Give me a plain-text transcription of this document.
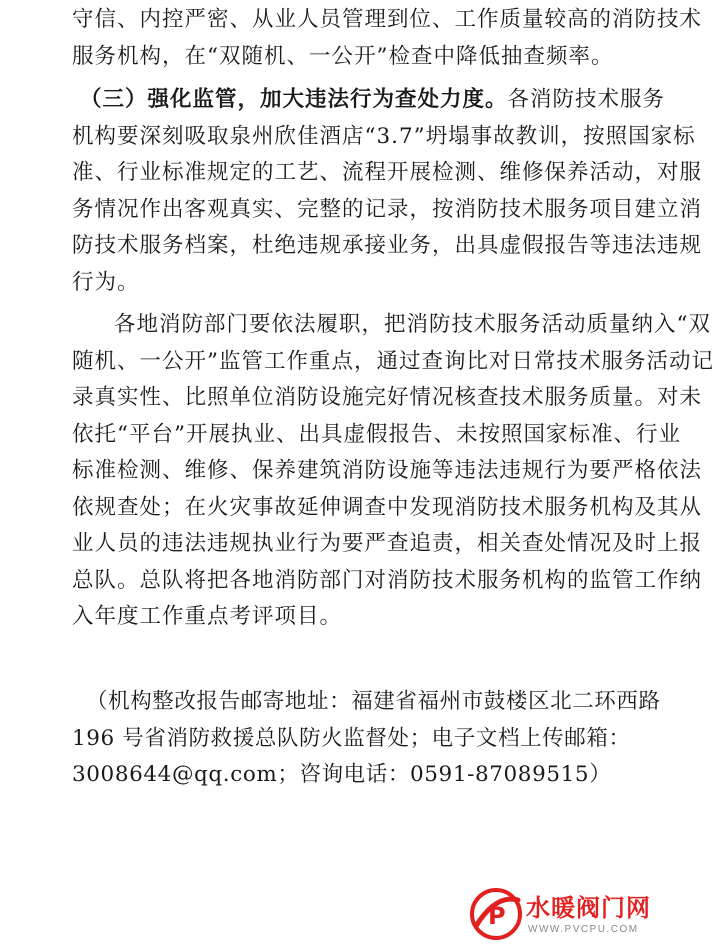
守信、内控严密、从业人员管理到位、工作质量较高的消防技术
服务机构，在“双随机、一公开”检查中降低抽查频率。
（三）强化监管，加大违法行为查处力度。各消防技术服务
机构要深刻吸取泉州欣佳酒店“3.7”坍塌事故教训，按照国家标
准、行业标准规定的工艺、流程开展检测、维修保养活动，对服
务情况作出客观真实、完整的记录，按消防技术服务项目建立消
防技术服务档案，杜绝违规承接业务，出具虚假报告等违法违规
行为。
各地消防部门要依法履职，把消防技术服务活动质量纳入“双
随机、一公开”监管工作重点，通过查询比对日常技术服务活动记
录真实性、比照单位消防设施完好情况核查技术服务质量。对未
依托“平台”开展执业、出具虚假报告、未按照国家标准、行业
标准检测、维修、保养建筑消防设施等违法违规行为要严格依法
依规查处；在火灾事故延伸调查中发现消防技术服务机构及其从
业人员的违法违规执业行为要严查追责，相关查处情况及时上报
总队。总队将把各地消防部门对消防技术服务机构的监管工作纳
入年度工作重点考评项目。
（机构整改报告邮寄地址：福建省福州市鼓楼区北二环西路
196 号省消防救援总队防火监督处；电子文档上传邮箱：
3008644@qq.com；咨询电话：0591-87089515）
P 水暖阀门网
WWW.PVCPU.COM
